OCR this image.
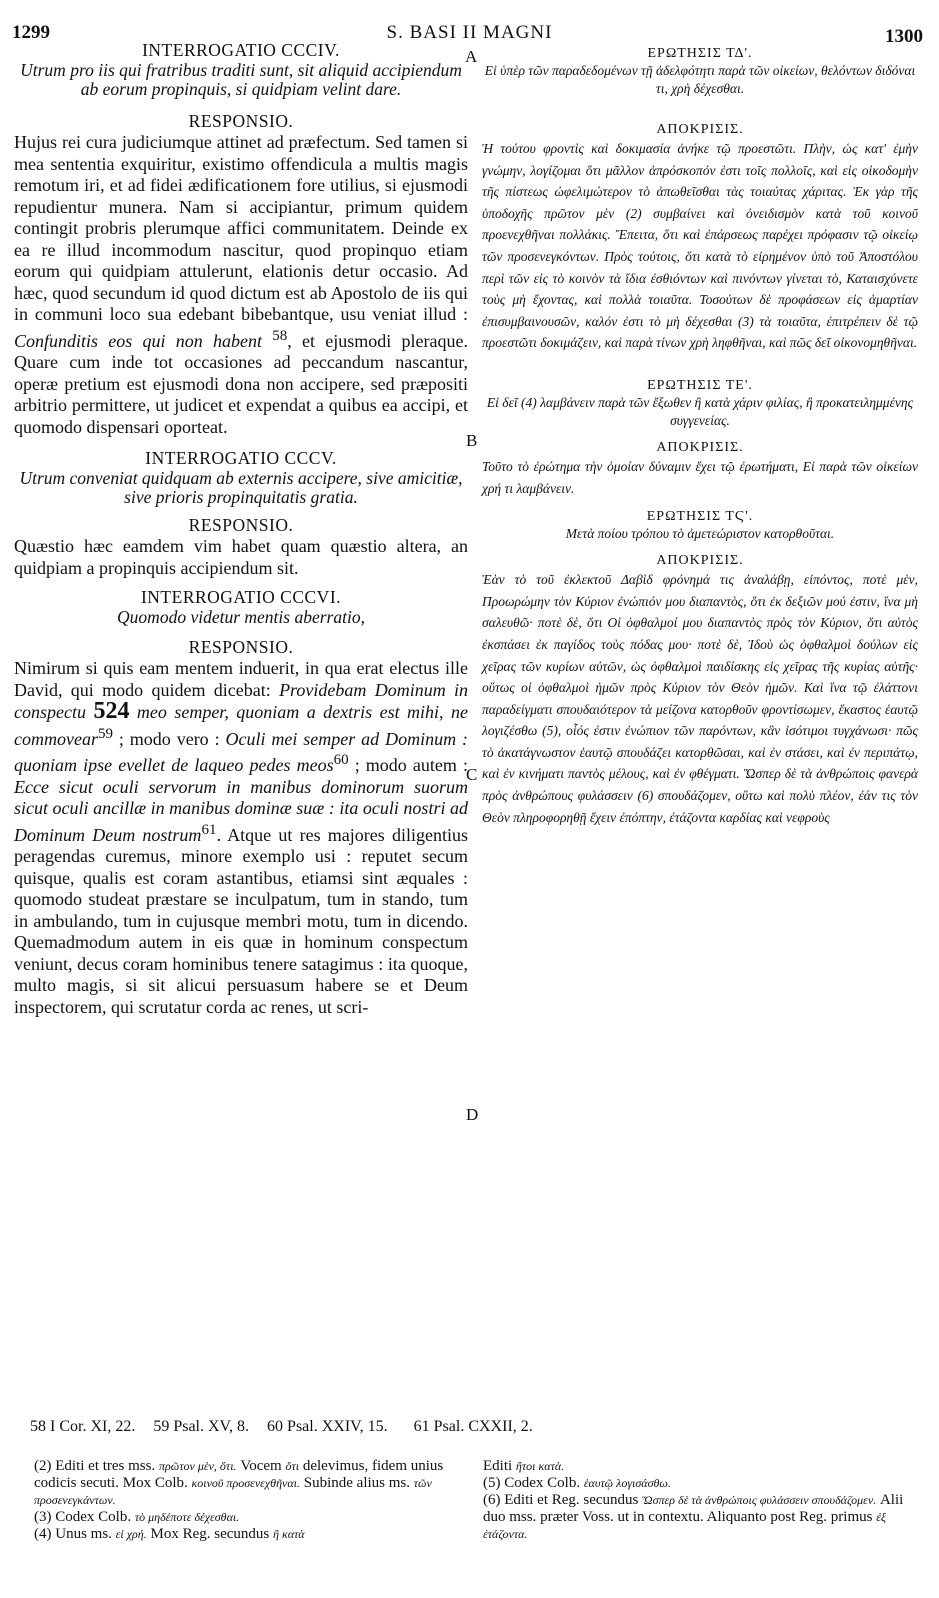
1299	S. BASI II MAGNI	1300
A
B
C
D

INTERROGATIO CCCIV.

Utrum pro iis qui fratribus traditi sunt, sit aliquid accipiendum ab eorum propinquis, si quidpiam velint dare.

RESPONSIO.

Hujus rei cura judiciumque attinet ad præfectum. Sed tamen si mea sententia exquiritur, existimo offendicula a multis magis remotum iri, et ad fidei ædificationem fore utilius, si ejusmodi repudientur munera. Nam si accipiantur, primum quidem contingit probris plerumque affici communitatem. Deinde ex ea re illud incommodum nascitur, quod propinquo etiam eorum qui quidpiam attulerunt, elationis detur occasio. Ad hæc, quod secundum id quod dictum est ab Apostolo de iis qui in communi loco sua edebant bibebantque, usu veniat illud : Confunditis eos qui non habent $^{58}$, et ejusmodi pleraque. Quare cum inde tot occasiones ad peccandum nascantur, operæ pretium est ejusmodi dona non accipere, sed præpositi arbitrio permittere, ut judicet et expendat a quibus ea accipi, et quomodo dispensari oporteat.

INTERROGATIO CCCV.

Utrum conveniat quidquam ab externis accipere, sive amicitiæ, sive prioris propinquitatis gratia.

RESPONSIO.

Quæstio hæc eamdem vim habet quam quæstio altera, an quidpiam a propinquis accipiendum sit.

INTERROGATIO CCCVI.

Quomodo videtur mentis aberratio,

RESPONSIO.

Nimirum si quis eam mentem induerit, in qua erat electus ille David, qui modo quidem dicebat: Providebam Dominum in conspectu 524 meo semper, quoniam a dextris est mihi, ne commovear$^{59}$ ; modo vero : Oculi mei semper ad Dominum : quoniam ipse evellet de laqueo pedes meos$^{60}$ ; modo autem : Ecce sicut oculi servorum in manibus dominorum suorum sicut oculi ancillæ in manibus dominæ suæ : ita oculi nostri ad Dominum Deum nostrum$^{61}$. Atque ut res majores diligentius peragendas curemus, minore exemplo usi : reputet secum quisque, qualis est coram astantibus, etiamsi sint æquales : quomodo studeat præstare se inculpatum, tum in stando, tum in ambulando, tum in cujusque membri motu, tum in dicendo. Quemadmodum autem in eis quæ in hominum conspectum veniunt, decus coram hominibus tenere satagimus : ita quoque, multo magis, si sit alicui persuasum habere se et Deum inspectorem, qui scrutatur corda ac renes, ut scri-

ΕΡΩΤΗΣΙΣ ΤΔ'.

Εἰ ὑπὲρ τῶν παραδεδομένων τῇ ἀδελφότητι παρὰ τῶν οἰκείων, θελόντων διδόναι τι, χρὴ δέχεσθαι.

ΑΠΟΚΡΙΣΙΣ.

Ἡ τούτου φροντὶς καὶ δοκιμασία ἀνήκε τῷ προεστῶτι. Πλὴν, ὡς κατ' ἐμὴν γνώμην, λογίζομαι ὅτι μᾶλλον ἀπρόσκοπόν ἐστι τοῖς πολλοῖς, καὶ εἰς οἰκοδομὴν τῆς πίστεως ὠφελιμώτερον τὸ ἀπωθεῖσθαι τὰς τοιαύτας χάριτας. Ἐκ γὰρ τῆς ὑποδοχῆς πρῶτον μὲν (2) συμβαίνει καὶ ὀνειδισμὸν κατὰ τοῦ κοινοῦ προενεχθῆναι πολλάκις. Ἔπειτα, ὅτι καὶ ἐπάρσεως παρέχει πρόφασιν τῷ οἰκείῳ τῶν προσενεγκόντων. Πρὸς τούτοις, ὅτι κατὰ τὸ εἰρημένον ὑπὸ τοῦ Ἀποστόλου περὶ τῶν εἰς τὸ κοινὸν τὰ ἴδια ἐσθιόντων καὶ πινόντων γίνεται τὸ, Καταισχύνετε τοὺς μὴ ἔχοντας, καὶ πολλὰ τοιαῦτα. Τοσούτων δὲ προφάσεων εἰς ἁμαρτίαν ἐπισυμβαινουσῶν, καλόν ἐστι τὸ μὴ δέχεσθαι (3) τὰ τοιαῦτα, ἐπιτρέπειν δὲ τῷ προεστῶτι δοκιμάζειν, καὶ παρὰ τίνων χρὴ ληφθῆναι, καὶ πῶς δεῖ οἰκονομηθῆναι.

ΕΡΩΤΗΣΙΣ ΤΕ'.

Εἰ δεῖ (4) λαμβάνειν παρὰ τῶν ἔξωθεν ἢ κατὰ χάριν φιλίας, ἢ προκατειλημμένης συγγενείας.

ΑΠΟΚΡΙΣΙΣ.

Τοῦτο τὸ ἐρώτημα τὴν ὁμοίαν δύναμιν ἔχει τῷ ἐρωτήματι, Εἰ παρὰ τῶν οἰκείων χρή τι λαμβάνειν.

ΕΡΩΤΗΣΙΣ ΤϚ'.

Μετὰ ποίου τρόπου τὸ ἀμετεώριστον κατορθοῦται.

ΑΠΟΚΡΙΣΙΣ.

Ἐὰν τὸ τοῦ ἐκλεκτοῦ Δαβὶδ φρόνημά τις ἀναλάβῃ, εἰπόντος, ποτὲ μὲν, Προωρώμην τὸν Κύριον ἐνώπιόν μου διαπαντὸς, ὅτι ἐκ δεξιῶν μού ἐστιν, ἵνα μὴ σαλευθῶ· ποτὲ δὲ, ὅτι Οἱ ὀφθαλμοί μου διαπαντὸς πρὸς τὸν Κύριον, ὅτι αὐτὸς ἐκσπάσει ἐκ παγίδος τοὺς πόδας μου· ποτὲ δὲ, Ἰδοὺ ὡς ὀφθαλμοὶ δούλων εἰς χεῖρας τῶν κυρίων αὐτῶν, ὡς ὀφθαλμοὶ παιδίσκης εἰς χεῖρας τῆς κυρίας αὐτῆς· οὕτως οἱ ὀφθαλμοὶ ἡμῶν πρὸς Κύριον τὸν Θεὸν ἡμῶν. Καὶ ἵνα τῷ ἐλάττονι παραδείγματι σπουδαιότερον τὰ μείζονα κατορθοῦν φροντίσωμεν, ἕκαστος ἑαυτῷ λογιζέσθω (5), οἷός ἐστιν ἐνώπιον τῶν παρόντων, κἂν ἰσότιμοι τυγχάνωσι· πῶς τὸ ἀκατάγνωστον ἑαυτῷ σπουδάζει κατορθῶσαι, καὶ ἐν στάσει, καὶ ἐν περιπάτῳ, καὶ ἐν κινήματι παντὸς μέλους, καὶ ἐν φθέγματι. Ὥσπερ δὲ τὰ ἀνθρώποις φανερὰ πρὸς ἀνθρώπους φυλάσσειν (6) σπουδάζομεν, οὕτω καὶ πολὺ πλέον, ἐάν τις τὸν Θεὸν πληροφορηθῇ ἔχειν ἐπόπτην, ἐτάζοντα καρδίας καὶ νεφροὺς

58 I Cor. XI, 22. 59 Psal. XV, 8. 60 Psal. XXIV, 15. 61 Psal. CXXII, 2.

(2) Editi et tres mss. πρῶτον μὲν, ὅτι. Vocem ὅτι delevimus, fidem unius codicis secuti. Mox Colb. κοινοῦ προσενεχθῆναι. Subinde alius ms. τῶν προσενεγκάντων.

(3) Codex Colb. τὸ μηδέποτε δέχεσθαι.

(4) Unus ms. εἰ χρή. Mox Reg. secundus ἢ κατὰ

Editi ἤτοι κατὰ.

(5) Codex Colb. ἑαυτῷ λογισάσθω.

(6) Editi et Reg. secundus Ὥσπερ δὲ τὰ ἀνθρώποις φυλάσσειν σπουδάζομεν. Alii duo mss. præter Voss. ut in contextu. Aliquanto post Reg. primus ἐξ ἐτάζοντα.
